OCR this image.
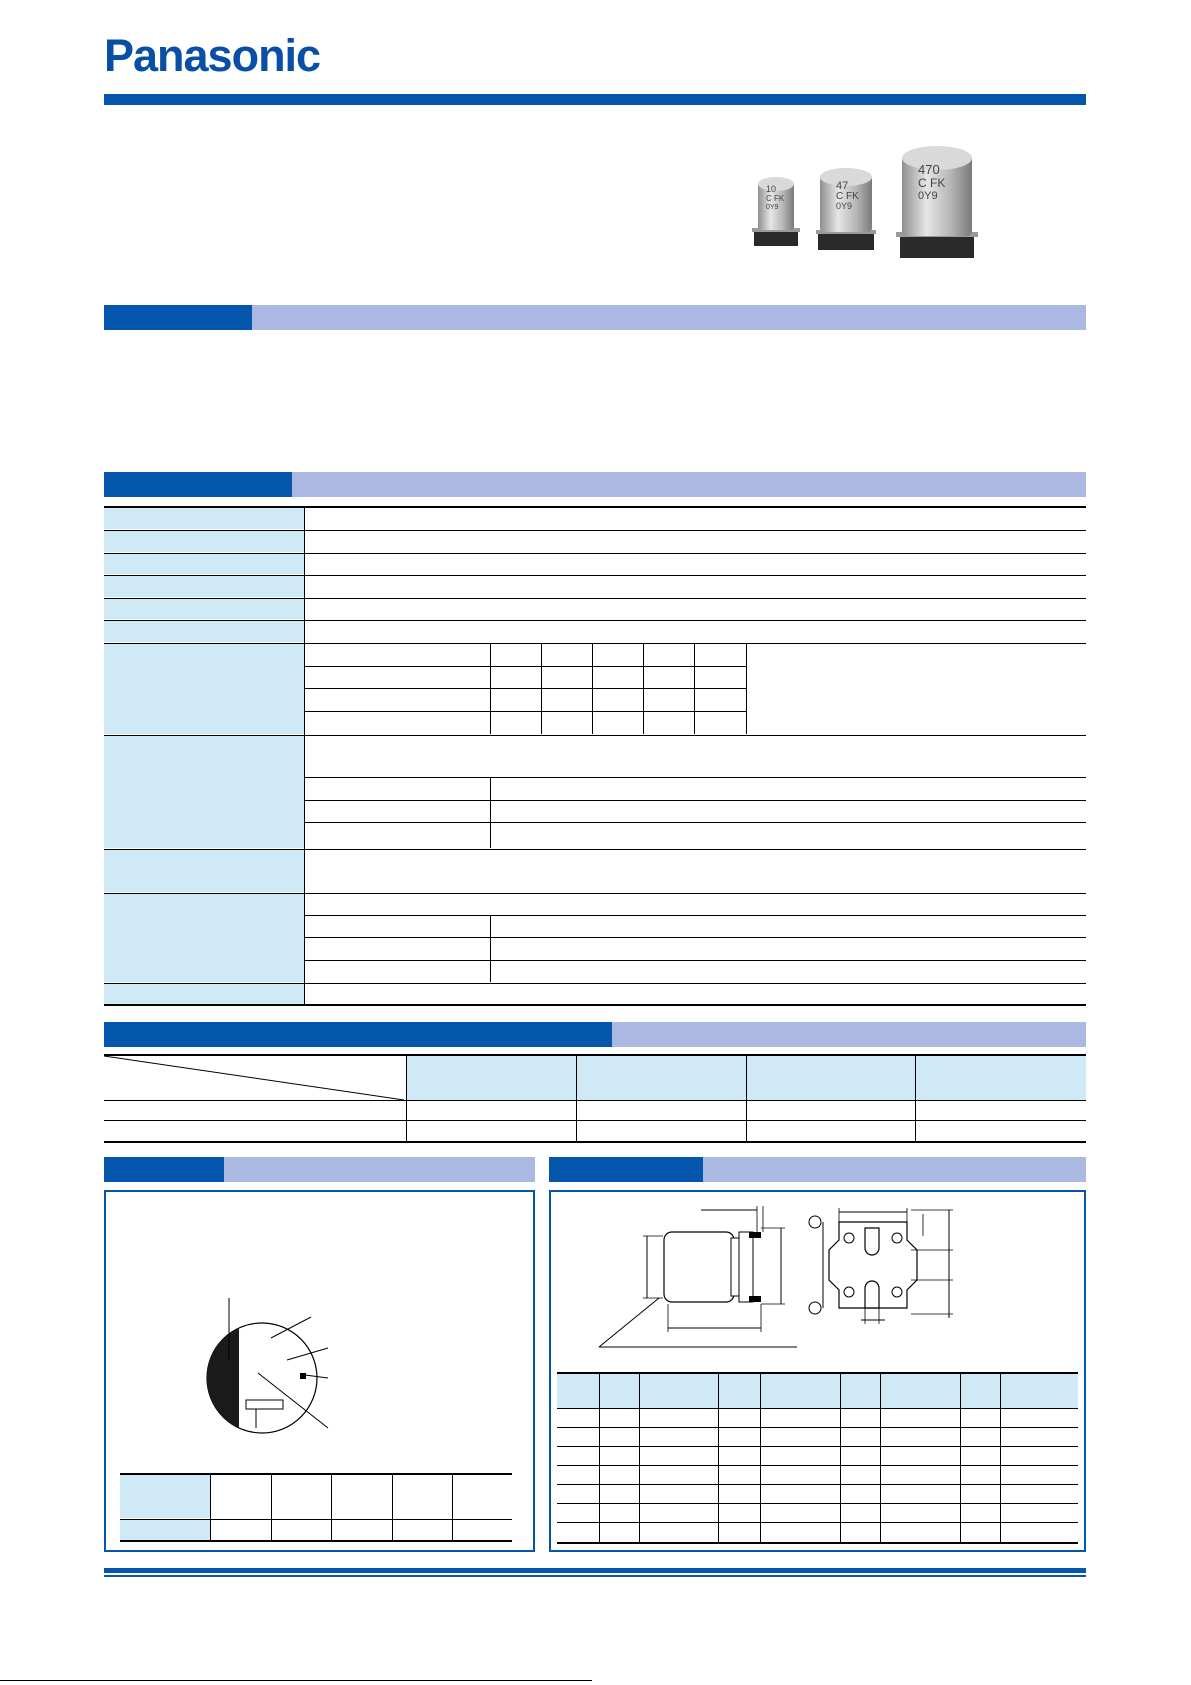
Panasonic
10
C FK
0Y9
47
C FK
0Y9
470
C FK
0Y9
